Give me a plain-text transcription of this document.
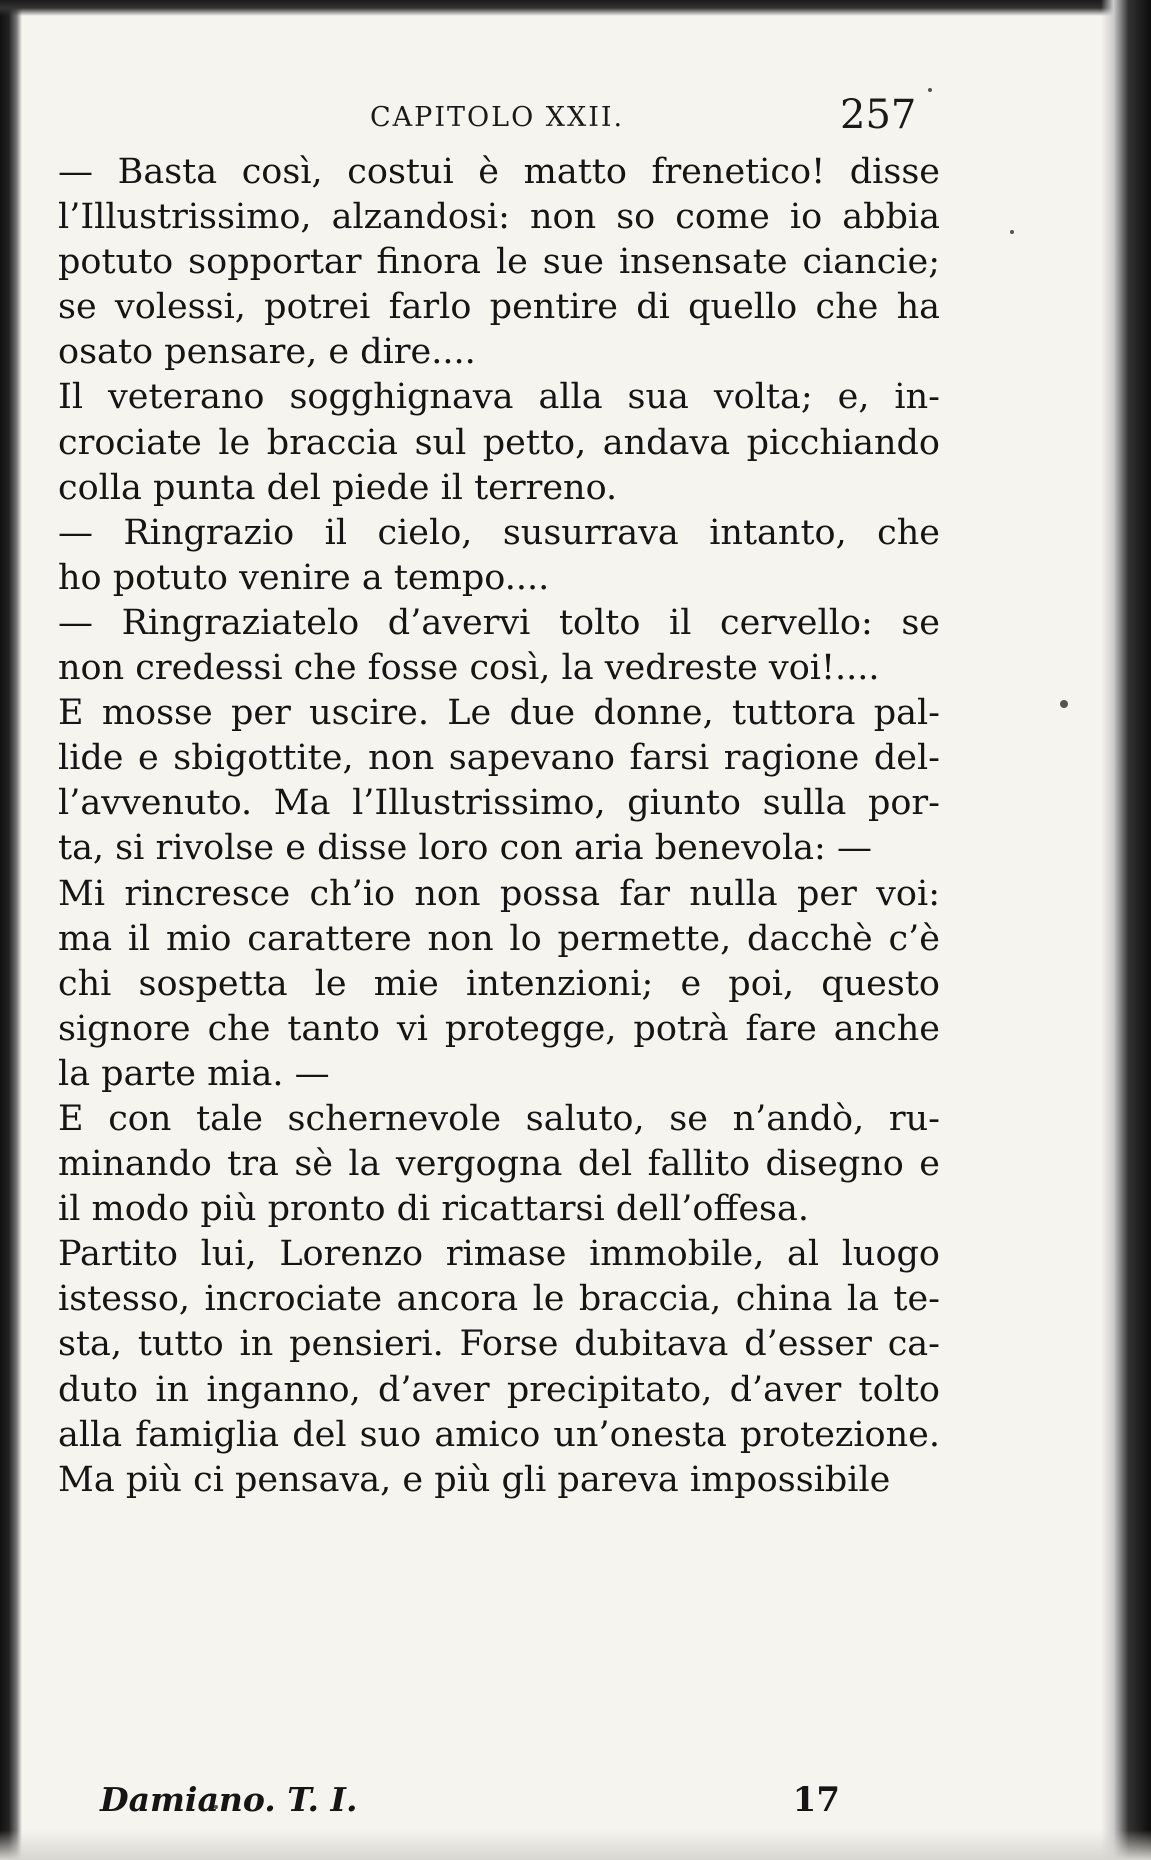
CAPITOLO XXII.	257
— Basta così, costui è matto frenetico! disse
l’Illustrissimo, alzandosi: non so come io abbia
potuto sopportar finora le sue insensate ciancie;
se volessi, potrei farlo pentire di quello che ha
osato pensare, e dire....
Il veterano sogghignava alla sua volta; e, in-
crociate le braccia sul petto, andava picchiando
colla punta del piede il terreno.
— Ringrazio il cielo, susurrava intanto, che
ho potuto venire a tempo....
— Ringraziatelo d’avervi tolto il cervello: se
non credessi che fosse così, la vedreste voi!....
E mosse per uscire. Le due donne, tuttora pal-
lide e sbigottite, non sapevano farsi ragione del-
l’avvenuto. Ma l’Illustrissimo, giunto sulla por-
ta, si rivolse e disse loro con aria benevola: —
Mi rincresce ch’io non possa far nulla per voi:
ma il mio carattere non lo permette, dacchè c’è
chi sospetta le mie intenzioni; e poi, questo
signore che tanto vi protegge, potrà fare anche
la parte mia. —
E con tale schernevole saluto, se n’andò, ru-
minando tra sè la vergogna del fallito disegno e
il modo più pronto di ricattarsi dell’offesa.
Partito lui, Lorenzo rimase immobile, al luogo
istesso, incrociate ancora le braccia, china la te-
sta, tutto in pensieri. Forse dubitava d’esser ca-
duto in inganno, d’aver precipitato, d’aver tolto
alla famiglia del suo amico un’onesta protezione.
Ma più ci pensava, e più gli pareva impossibile
Damiano. T. I.	17
